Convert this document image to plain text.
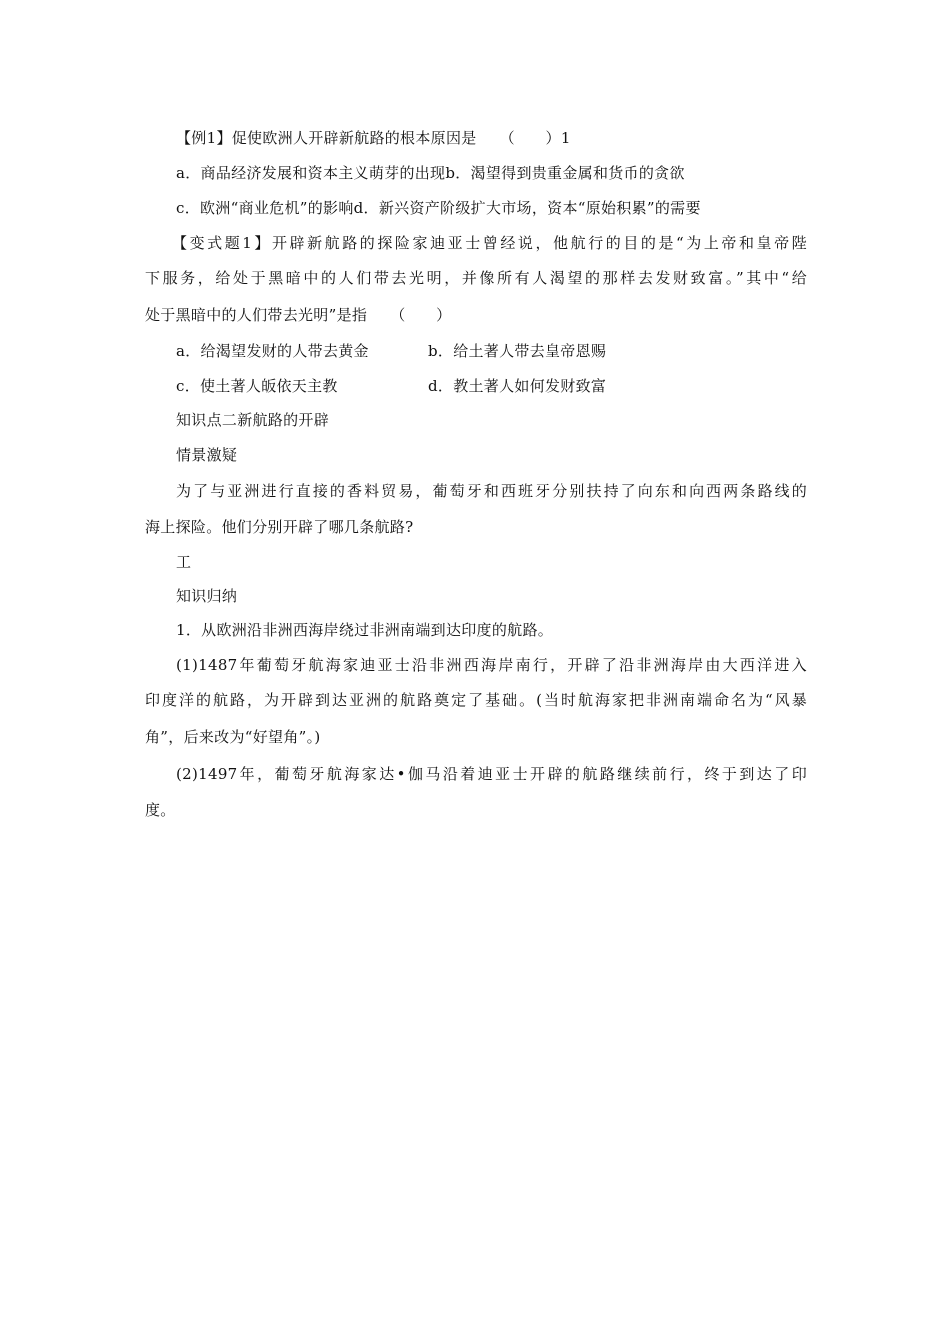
【例1】促使欧洲人开辟新航路的根本原因是　　（　　）1
a．商品经济发展和资本主义萌芽的出现b．渴望得到贵重金属和货币的贪欲
c．欧洲“商业危机”的影响d．新兴资产阶级扩大市场，资本“原始积累”的需要
【变式题1】开辟新航路的探险家迪亚士曾经说，他航行的目的是“为上帝和皇帝陛
下服务，给处于黑暗中的人们带去光明，并像所有人渴望的那样去发财致富。”其中“给
处于黑暗中的人们带去光明”是指　　（　　）
a．给渴望发财的人带去黄金	b．给土著人带去皇帝恩赐
c．使土著人皈依天主教	d．教土著人如何发财致富
知识点二新航路的开辟
情景激疑
为了与亚洲进行直接的香料贸易，葡萄牙和西班牙分别扶持了向东和向西两条路线的
海上探险。他们分别开辟了哪几条航路?
工
知识归纳
1．从欧洲沿非洲西海岸绕过非洲南端到达印度的航路。
(1)1487年葡萄牙航海家迪亚士沿非洲西海岸南行，开辟了沿非洲海岸由大西洋进入
印度洋的航路，为开辟到达亚洲的航路奠定了基础。(当时航海家把非洲南端命名为“风暴
角”，后来改为“好望角”。)
(2)1497年，葡萄牙航海家达•伽马沿着迪亚士开辟的航路继续前行，终于到达了印
度。
